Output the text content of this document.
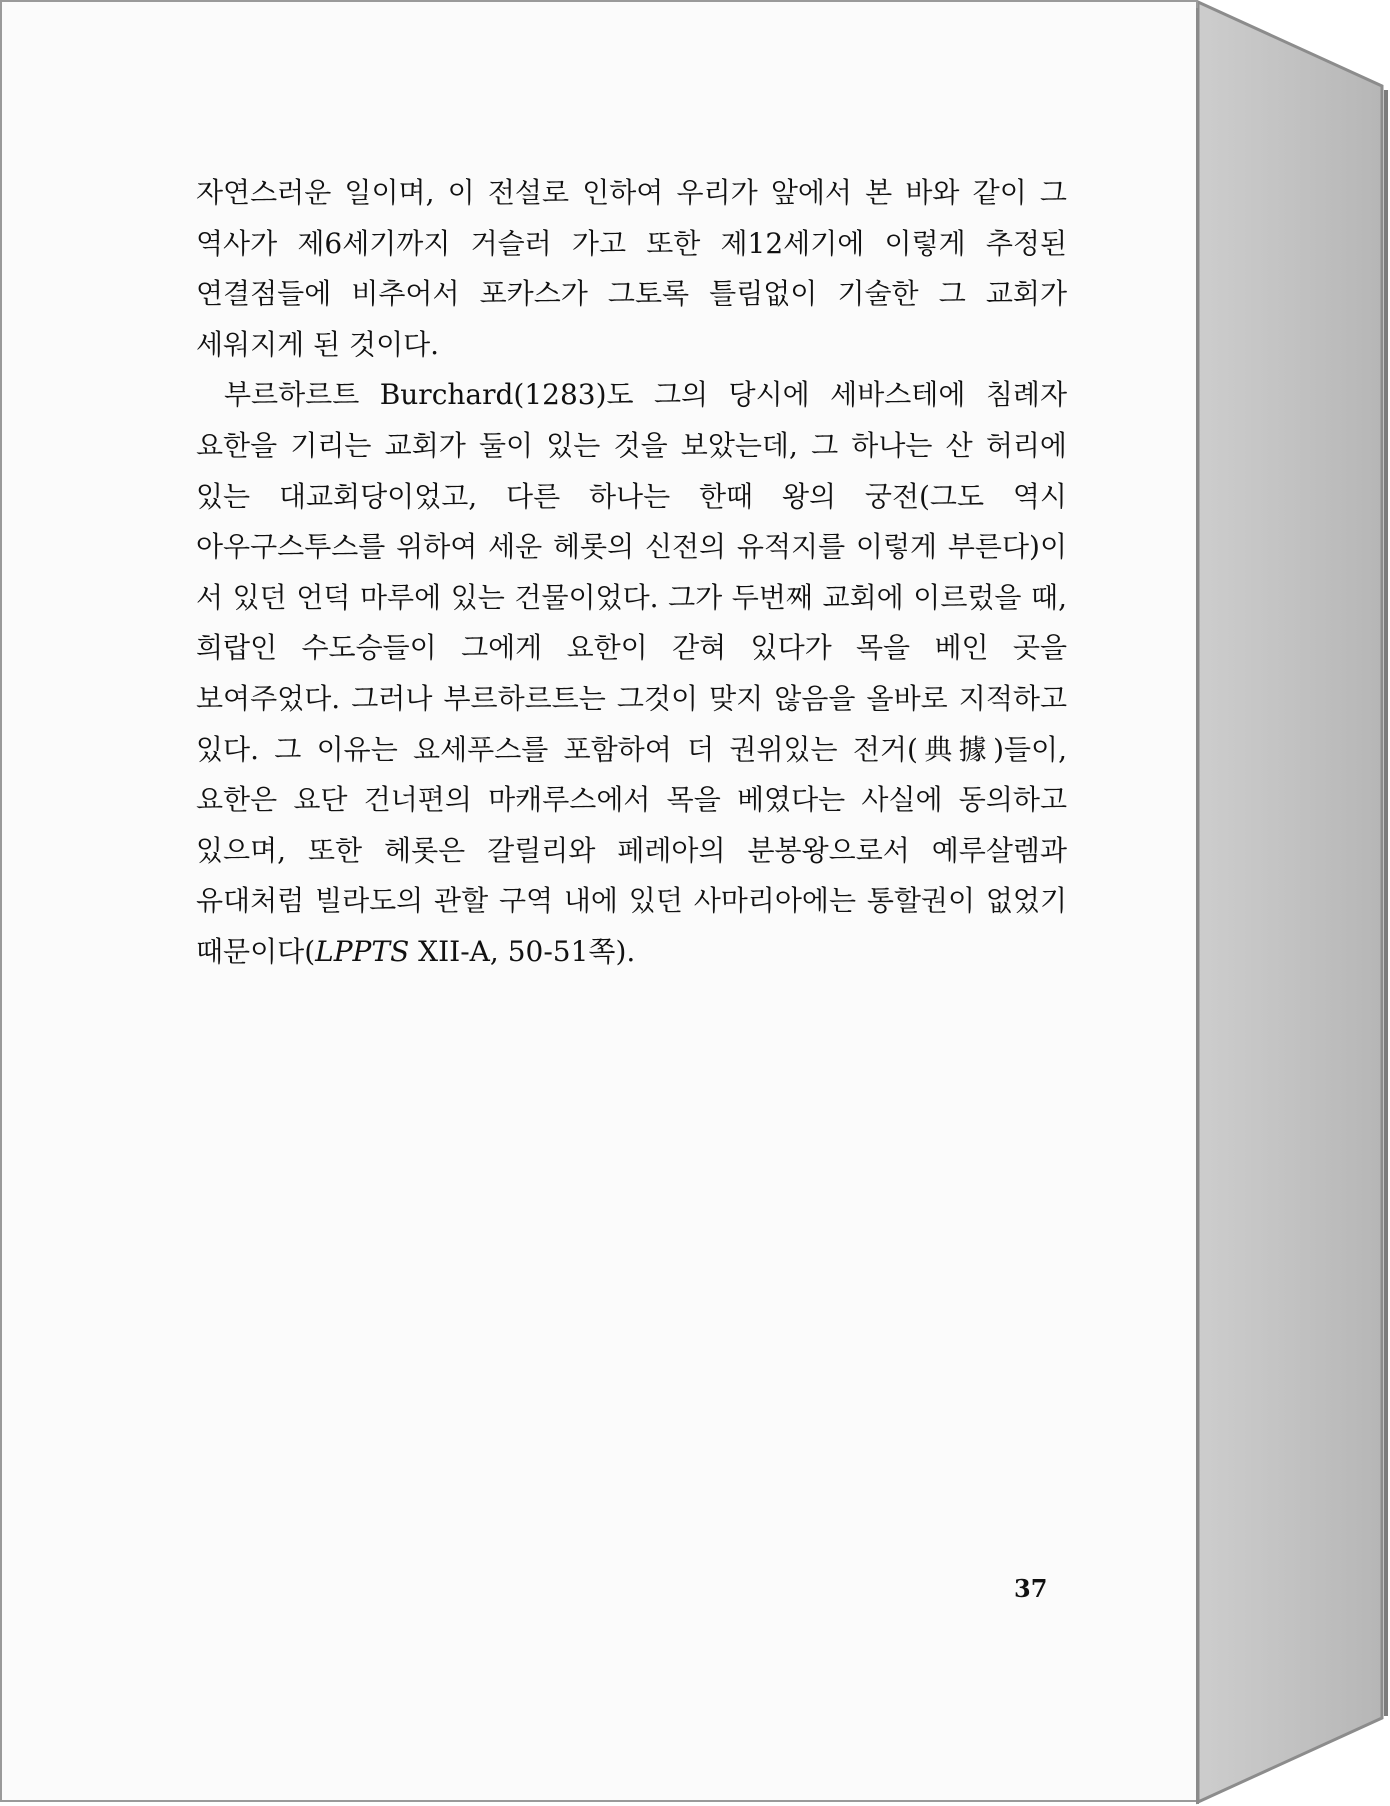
자연스러운 일이며, 이 전설로 인하여 우리가 앞에서 본 바와 같이 그 역사가 제6세기까지 거슬러 가고 또한 제12세기에 이렇게 추정된 연결점들에 비추어서 포카스가 그토록 틀림없이 기술한 그 교회가 세워지게 된 것이다.

부르하르트 Burchard(1283)도 그의 당시에 세바스테에 침례자 요한을 기리는 교회가 둘이 있는 것을 보았는데, 그 하나는 산 허리에 있는 대교회당이었고, 다른 하나는 한때 왕의 궁전(그도 역시 아우구스투스를 위하여 세운 헤롯의 신전의 유적지를 이렇게 부른다)이 서 있던 언덕 마루에 있는 건물이었다. 그가 두번째 교회에 이르렀을 때, 희랍인 수도승들이 그에게 요한이 갇혀 있다가 목을 베인 곳을 보여주었다. 그러나 부르하르트는 그것이 맞지 않음을 올바로 지적하고 있다. 그 이유는 요세푸스를 포함하여 더 권위있는 전거(典據)들이, 요한은 요단 건너편의 마캐루스에서 목을 베였다는 사실에 동의하고 있으며, 또한 헤롯은 갈릴리와 페레아의 분봉왕으로서 예루살렘과 유대처럼 빌라도의 관할 구역 내에 있던 사마리아에는 통할권이 없었기 때문이다(LPPTS XII-A, 50-51쪽).

37
